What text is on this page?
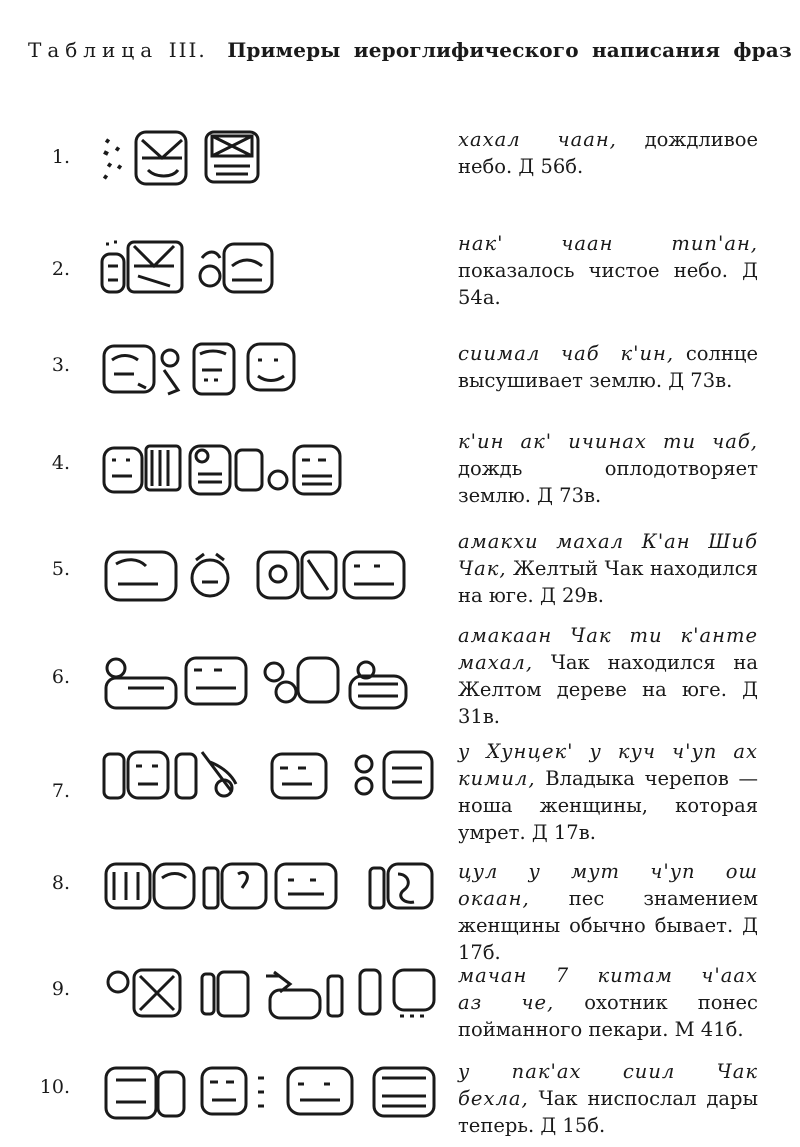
Таблица III. Примеры иероглифического написания фраз
1.

хахал чаан, дождливое небо. Д 56б.

2.

нак' чаан тип'ан, показалось чистое небо. Д 54а.

3.	сиимал чаб к'ин, солнце высушивает землю. Д 73в.

4.

к'ин ак' ичинах ти чаб, дождь оплодотворяет землю. Д 73в.

5.

амакхи махал К'ан Шиб Чак, Желтый Чак находился на юге. Д 29в.

6.

амакаан Чак ти к'анте махал, Чак находился на Желтом дереве на юге. Д 31в.

7.

у Хунцек' у куч ч'уп ах кимил, Владыка черепов — ноша женщины, которая умрет. Д 17в.

8.	цул у мут ч'уп ош окаан, пес знамением женщины обычно бывает. Д 17б.

9.

мачан 7 китам ч'аах аз че, охотник понес пойманного пекари. М 41б.

10.

у пак'ах сиил Чак бехла, Чак ниспослал дары теперь. Д 15б.
